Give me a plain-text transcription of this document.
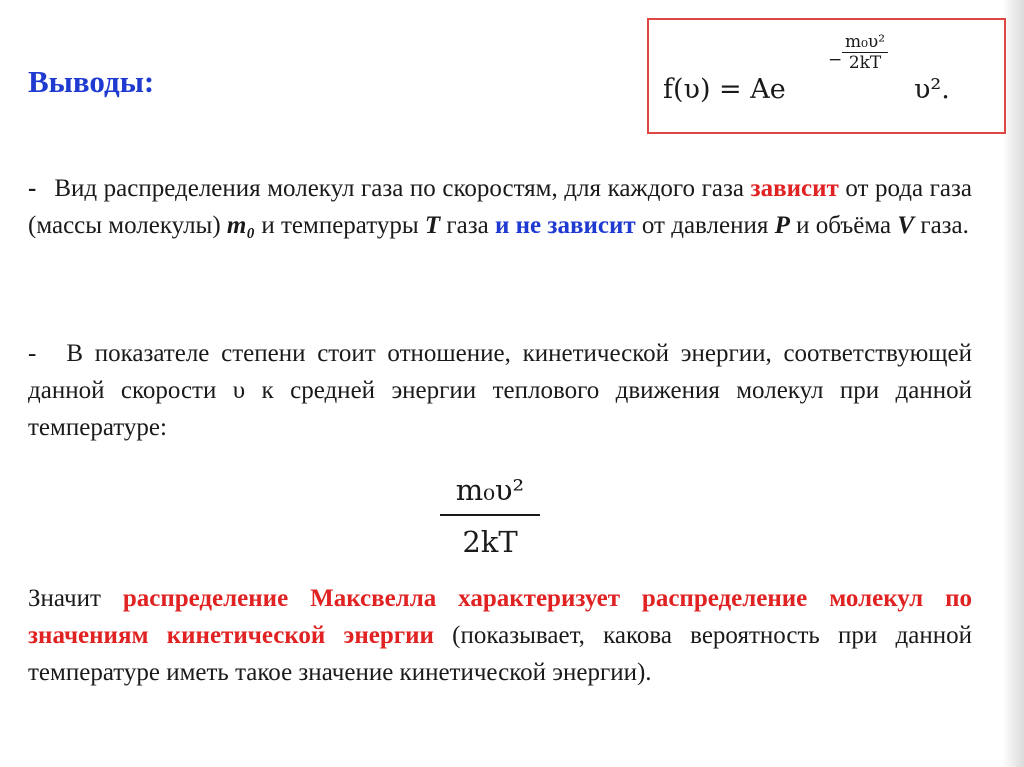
Выводы:	f(υ) = Ae
−
m₀υ²
2kT
υ².
- Вид распределения молекул газа по скоростям, для каждого газа зависит от рода газа (массы молекулы) m₀ и температуры T газа и не зависит от давления P и объёма V газа.
- В показателе степени стоит отношение, кинетической энергии, соответствующей данной скорости υ к средней энергии теплового движения молекул при данной температуре:
$\frac{\text{m₀υ²}}{2kT}$
Значит распределение Максвелла характеризует распределение молекул по значениям кинетической энергии (показывает, какова вероятность при данной температуре иметь такое значение кинетической энергии).
